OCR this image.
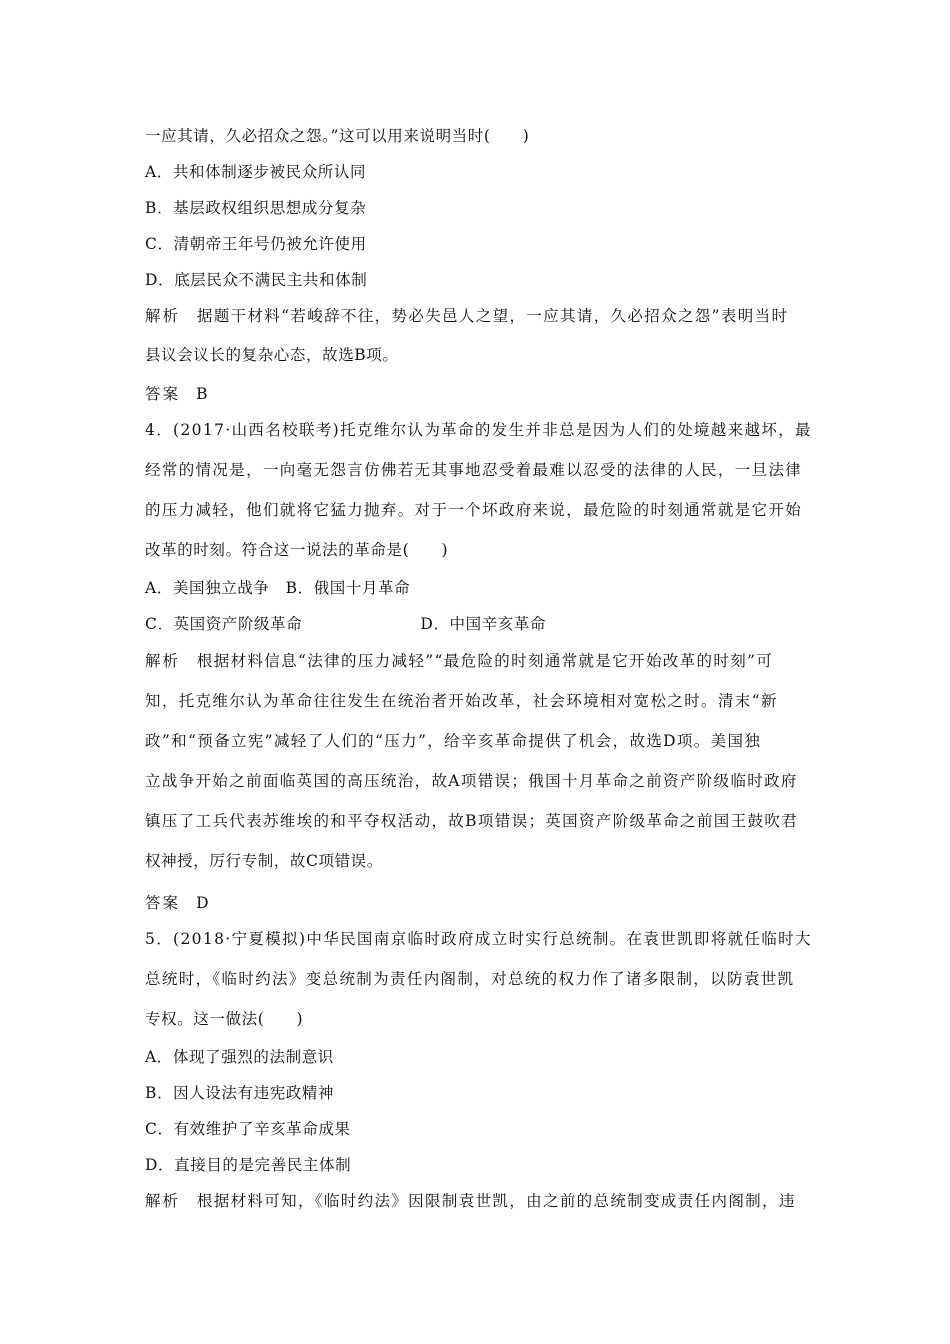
一应其请，久必招众之怨。”这可以用来说明当时(　　)
A．共和体制逐步被民众所认同
B．基层政权组织思想成分复杂
C．清朝帝王年号仍被允许使用
D．底层民众不满民主共和体制
解析　 据题干材料“若峻辞不往，势必失邑人之望，一应其请，久必招众之怨”表明当时
县议会议长的复杂心态，故选B项。
答案　 B
4．(2017·山西名校联考)托克维尔认为革命的发生并非总是因为人们的处境越来越坏，最
经常的情况是，一向毫无怨言仿佛若无其事地忍受着最难以忍受的法律的人民，一旦法律
的压力减轻，他们就将它猛力抛弃。对于一个坏政府来说，最危险的时刻通常就是它开始
改革的时刻。符合这一说法的革命是(　　)
A．美国独立战争　B．俄国十月革命
C．英国资产阶级革命	D．中国辛亥革命
解析　 根据材料信息“法律的压力减轻”“最危险的时刻通常就是它开始改革的时刻”可
知，托克维尔认为革命往往发生在统治者开始改革，社会环境相对宽松之时。清末“新
政”和“预备立宪”减轻了人们的“压力”，给辛亥革命提供了机会，故选D项。美国独
立战争开始之前面临英国的高压统治，故A项错误；俄国十月革命之前资产阶级临时政府
镇压了工兵代表苏维埃的和平夺权活动，故B项错误；英国资产阶级革命之前国王鼓吹君
权神授，厉行专制，故C项错误。
答案　 D
5．(2018·宁夏模拟)中华民国南京临时政府成立时实行总统制。在袁世凯即将就任临时大
总统时，《临时约法》变总统制为责任内阁制，对总统的权力作了诸多限制，以防袁世凯
专权。这一做法(　　)
A．体现了强烈的法制意识
B．因人设法有违宪政精神
C．有效维护了辛亥革命成果
D．直接目的是完善民主体制
解析　 根据材料可知，《临时约法》因限制袁世凯，由之前的总统制变成责任内阁制，违
